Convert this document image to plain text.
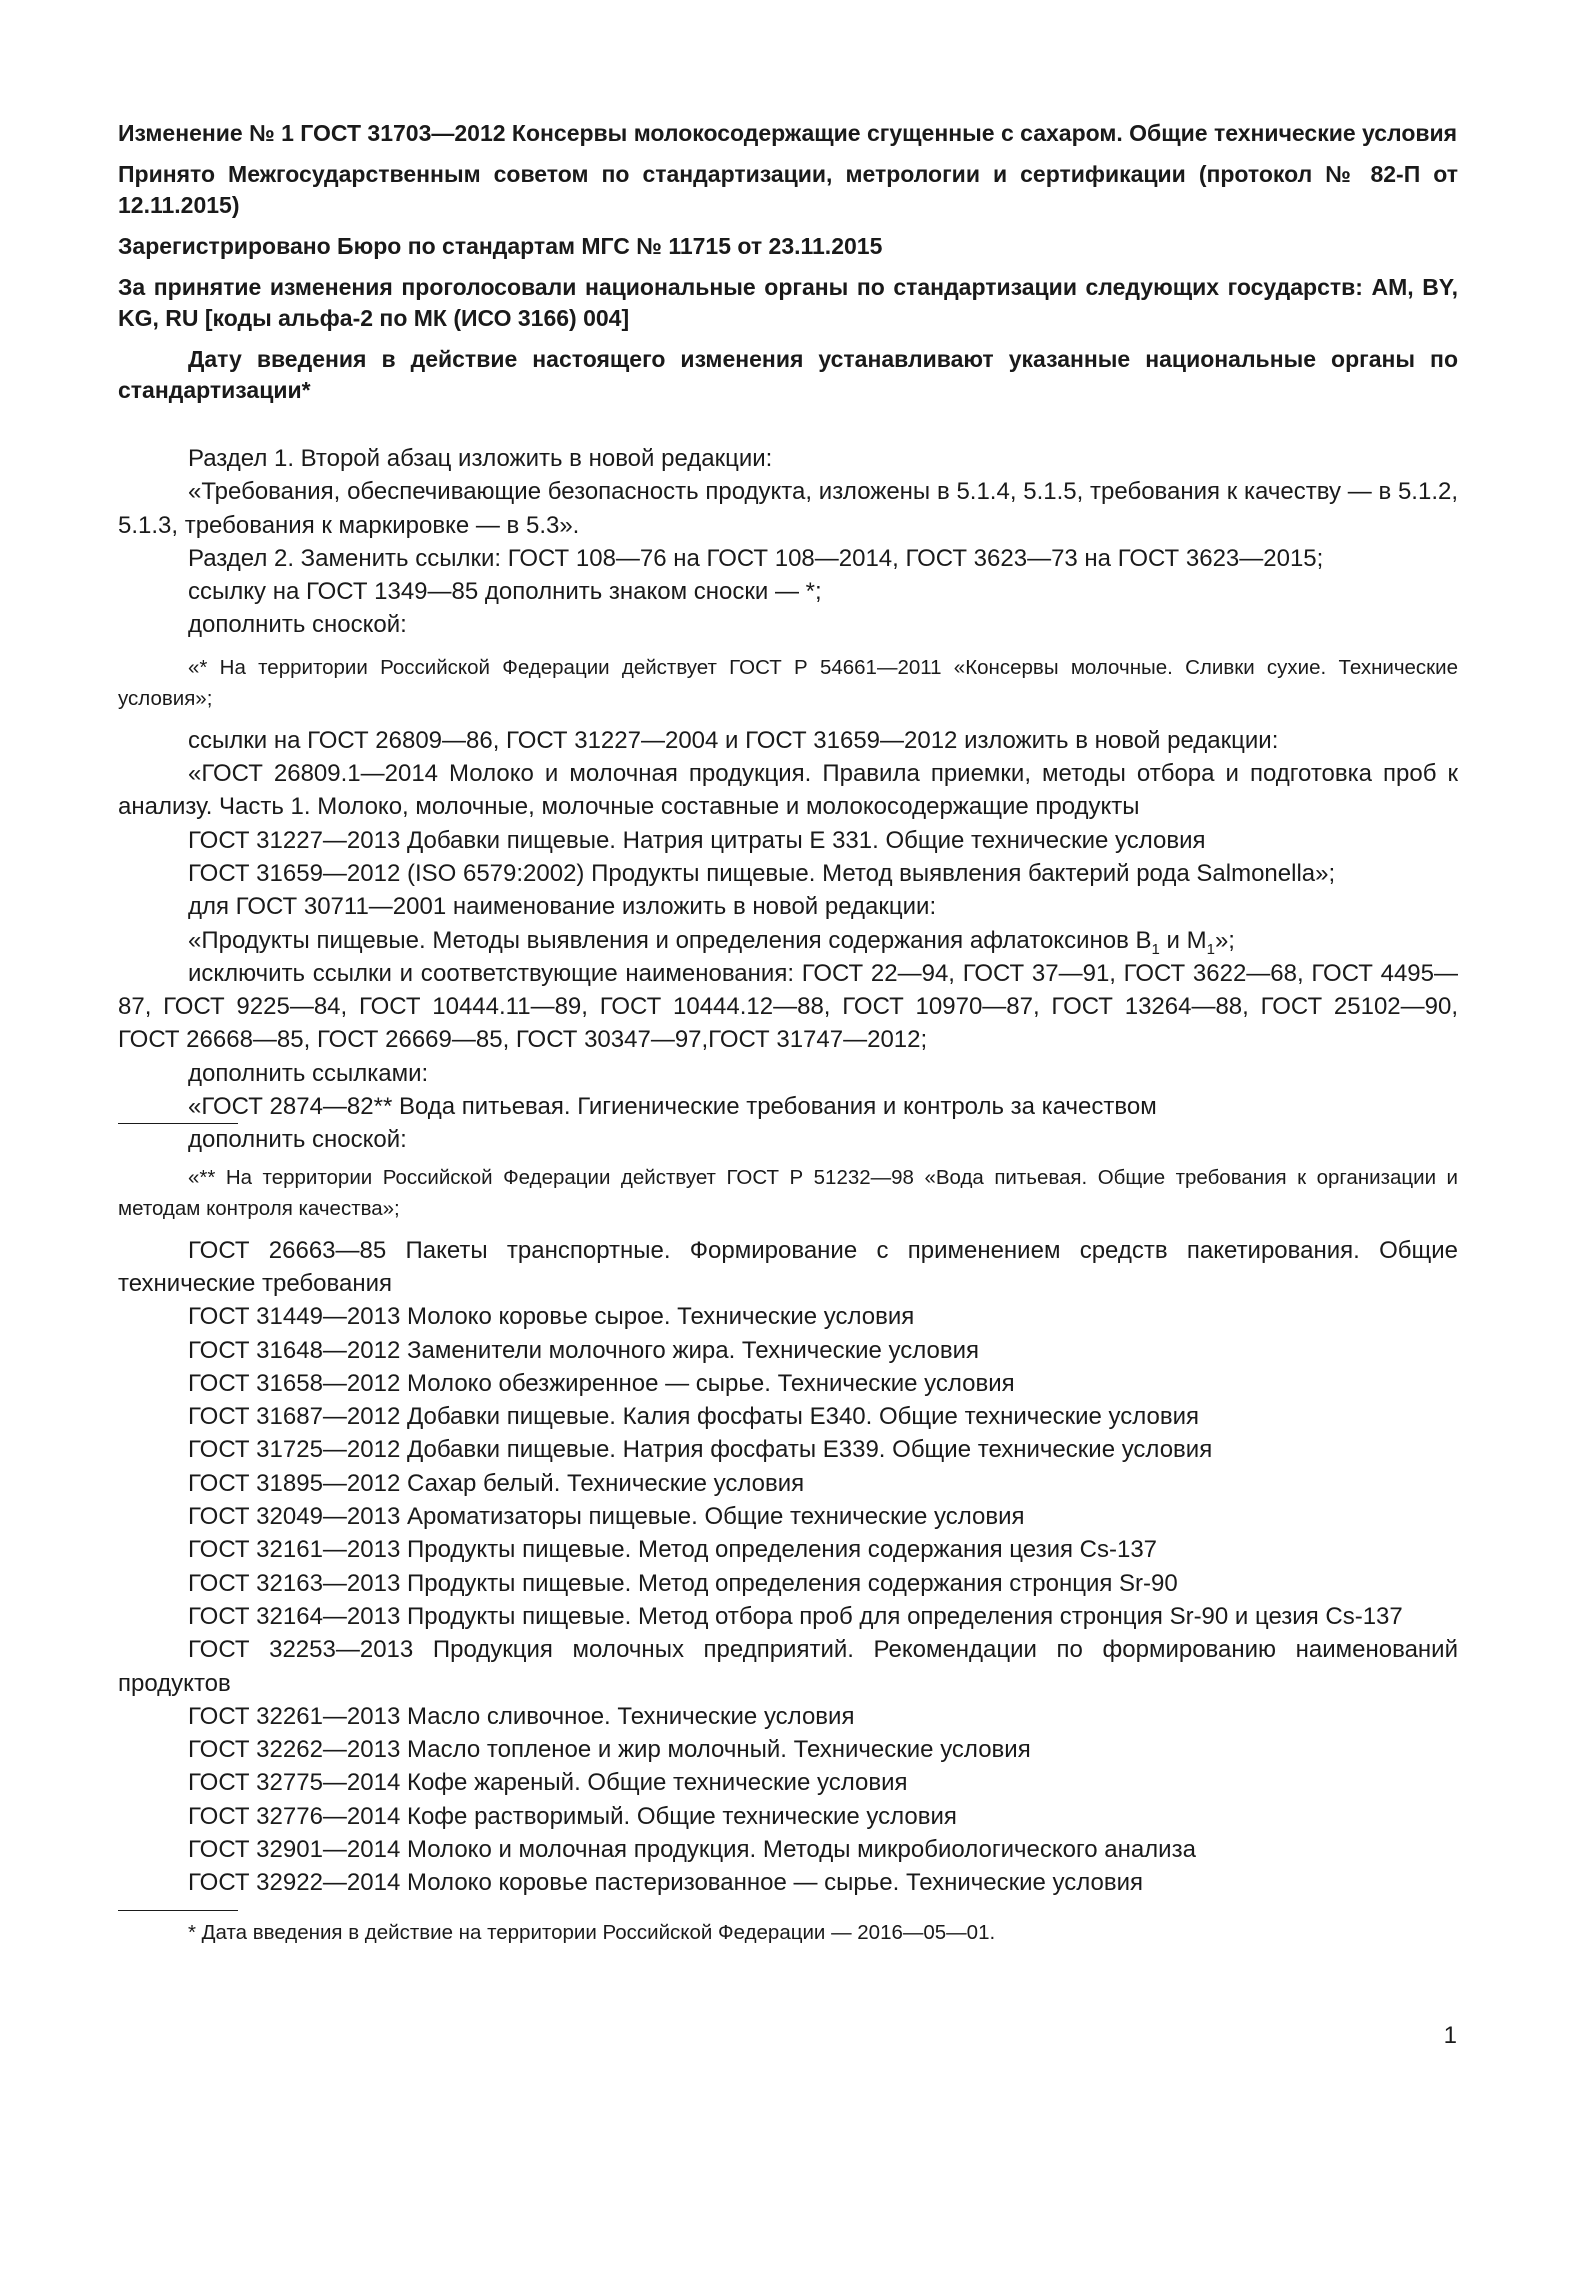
Изменение № 1 ГОСТ 31703—2012 Консервы молокосодержащие сгущенные с сахаром. Общие технические условия

Принято Межгосударственным советом по стандартизации, метрологии и сертификации (протокол № 82-П от 12.11.2015)

Зарегистрировано Бюро по стандартам МГС № 11715 от 23.11.2015

За принятие изменения проголосовали национальные органы по стандартизации следующих государств: AM, BY, KG, RU [коды альфа-2 по МК (ИСО 3166) 004]

Дату введения в действие настоящего изменения устанавливают указанные национальные органы по стандартизации*

Раздел 1. Второй абзац изложить в новой редакции:

«Требования, обеспечивающие безопасность продукта, изложены в 5.1.4, 5.1.5, требования к качеству — в 5.1.2, 5.1.3, требования к маркировке — в 5.3».

Раздел 2. Заменить ссылки: ГОСТ 108—76 на ГОСТ 108—2014, ГОСТ 3623—73 на ГОСТ 3623—2015;

ссылку на ГОСТ 1349—85 дополнить знаком сноски — *;

дополнить сноской:

«* На территории Российской Федерации действует ГОСТ Р 54661—2011 «Консервы молочные. Сливки сухие. Технические условия»;

ссылки на ГОСТ 26809—86, ГОСТ 31227—2004 и ГОСТ 31659—2012 изложить в новой редакции:

«ГОСТ 26809.1—2014 Молоко и молочная продукция. Правила приемки, методы отбора и подготовка проб к анализу. Часть 1. Молоко, молочные, молочные составные и молокосодержащие продукты

ГОСТ 31227—2013 Добавки пищевые. Натрия цитраты Е 331. Общие технические условия

ГОСТ 31659—2012 (ISO 6579:2002) Продукты пищевые. Метод выявления бактерий рода Salmonella»;

для ГОСТ 30711—2001 наименование изложить в новой редакции:

«Продукты пищевые. Методы выявления и определения содержания афлатоксинов $В_1$ и $М_1$»;

исключить ссылки и соответствующие наименования: ГОСТ 22—94, ГОСТ 37—91, ГОСТ 3622—68, ГОСТ 4495—87, ГОСТ 9225—84, ГОСТ 10444.11—89, ГОСТ 10444.12—88, ГОСТ 10970—87, ГОСТ 13264—88, ГОСТ 25102—90, ГОСТ 26668—85, ГОСТ 26669—85, ГОСТ 30347—97,ГОСТ 31747—2012;

дополнить ссылками:

«ГОСТ 2874—82** Вода питьевая. Гигиенические требования и контроль за качеством

дополнить сноской:

«** На территории Российской Федерации действует ГОСТ Р 51232—98 «Вода питьевая. Общие требования к организации и методам контроля качества»;

ГОСТ 26663—85 Пакеты транспортные. Формирование с применением средств пакетирования. Общие технические требования

ГОСТ 31449—2013 Молоко коровье сырое. Технические условия

ГОСТ 31648—2012 Заменители молочного жира. Технические условия

ГОСТ 31658—2012 Молоко обезжиренное — сырье. Технические условия

ГОСТ 31687—2012 Добавки пищевые. Калия фосфаты Е340. Общие технические условия

ГОСТ 31725—2012 Добавки пищевые. Натрия фосфаты Е339. Общие технические условия

ГОСТ 31895—2012 Сахар белый. Технические условия

ГОСТ 32049—2013 Ароматизаторы пищевые. Общие технические условия

ГОСТ 32161—2013 Продукты пищевые. Метод определения содержания цезия Cs-137

ГОСТ 32163—2013 Продукты пищевые. Метод определения содержания стронция Sr-90

ГОСТ 32164—2013 Продукты пищевые. Метод отбора проб для определения стронция Sr-90 и цезия Cs-137

ГОСТ 32253—2013 Продукция молочных предприятий. Рекомендации по формированию наименований продуктов

ГОСТ 32261—2013 Масло сливочное. Технические условия

ГОСТ 32262—2013 Масло топленое и жир молочный. Технические условия

ГОСТ 32775—2014 Кофе жареный. Общие технические условия

ГОСТ 32776—2014 Кофе растворимый. Общие технические условия

ГОСТ 32901—2014 Молоко и молочная продукция. Методы микробиологического анализа

ГОСТ 32922—2014 Молоко коровье пастеризованное — сырье. Технические условия

* Дата введения в действие на территории Российской Федерации — 2016—05—01.

1
